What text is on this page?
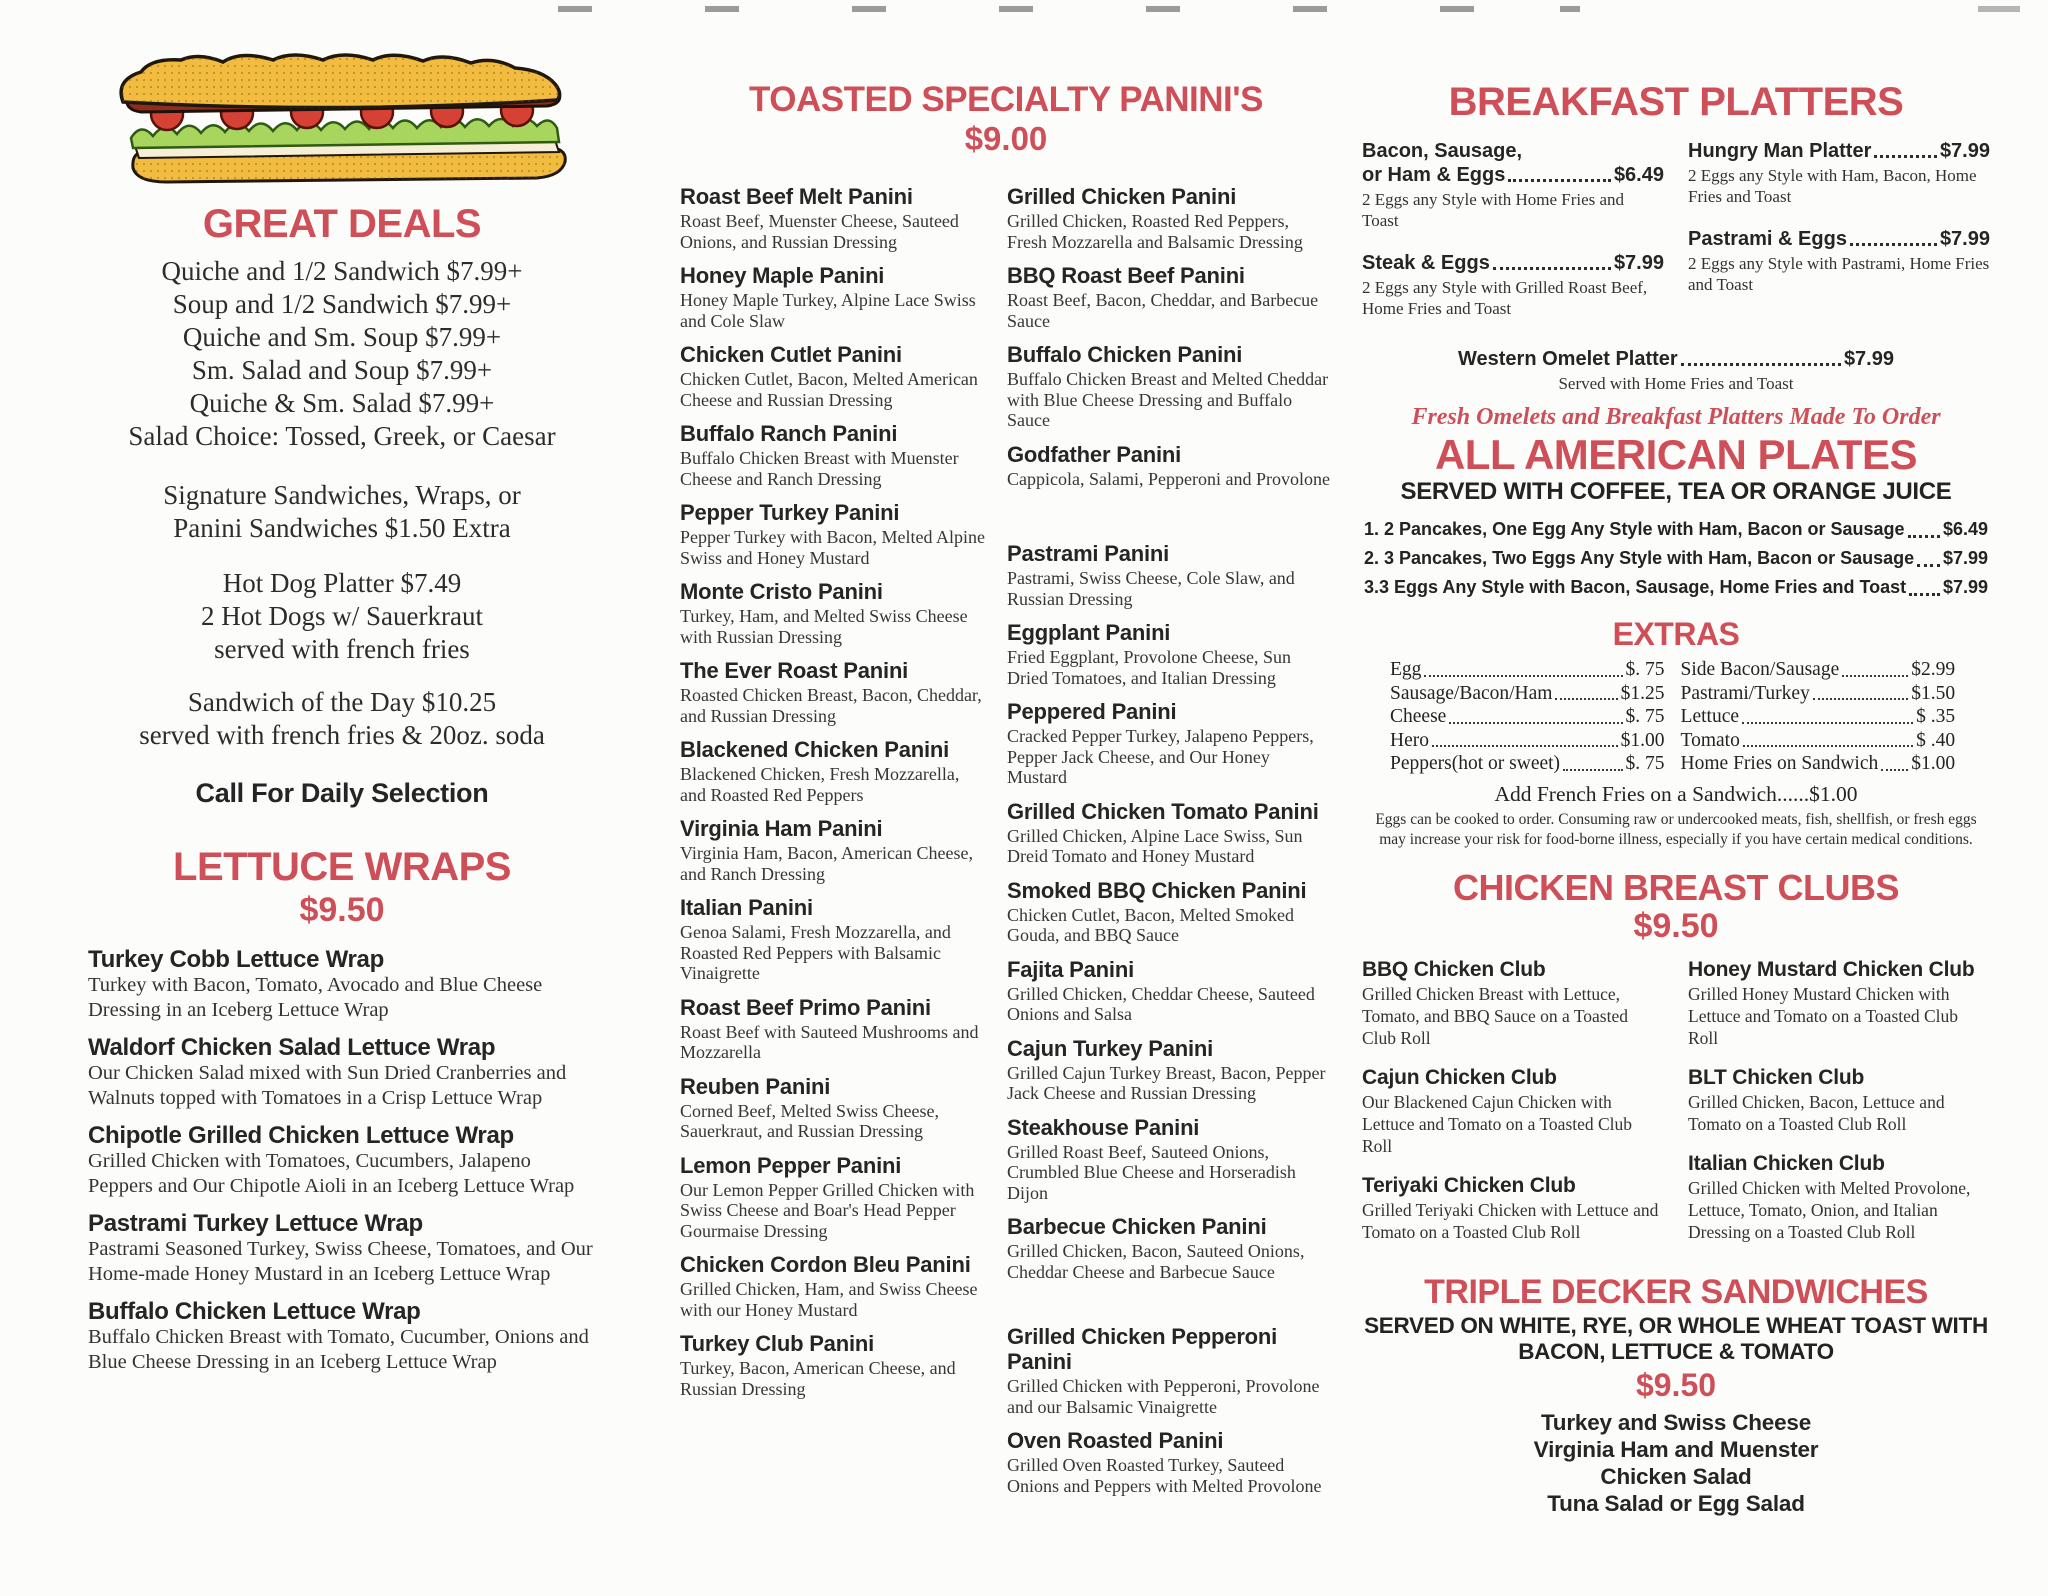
GREAT DEALS
Quiche and 1/2 Sandwich $7.99+
Soup and 1/2 Sandwich $7.99+
Quiche and Sm. Soup $7.99+
Sm. Salad and Soup $7.99+
Quiche & Sm. Salad $7.99+
Salad Choice: Tossed, Greek, or Caesar
Signature Sandwiches, Wraps, or
Panini Sandwiches $1.50 Extra
Hot Dog Platter $7.49
2 Hot Dogs w/ Sauerkraut
served with french fries
Sandwich of the Day $10.25
served with french fries & 20oz. soda
Call For Daily Selection
LETTUCE WRAPS
$9.50
Turkey Cobb Lettuce Wrap
Turkey with Bacon, Tomato, Avocado and Blue Cheese Dressing in an Iceberg Lettuce Wrap
Waldorf Chicken Salad Lettuce Wrap
Our Chicken Salad mixed with Sun Dried Cranberries and Walnuts topped with Tomatoes in a Crisp Lettuce Wrap
Chipotle Grilled Chicken Lettuce Wrap
Grilled Chicken with Tomatoes, Cucumbers, Jalapeno Peppers and Our Chipotle Aioli in an Iceberg Lettuce Wrap
Pastrami Turkey Lettuce Wrap
Pastrami Seasoned Turkey, Swiss Cheese, Tomatoes, and Our Home-made Honey Mustard in an Iceberg Lettuce Wrap
Buffalo Chicken Lettuce Wrap
Buffalo Chicken Breast with Tomato, Cucumber, Onions and Blue Cheese Dressing in an Iceberg Lettuce Wrap
TOASTED SPECIALTY PANINI'S
$9.00
Roast Beef Melt Panini
Roast Beef, Muenster Cheese, Sauteed Onions, and Russian Dressing
Honey Maple Panini
Honey Maple Turkey, Alpine Lace Swiss and Cole Slaw
Chicken Cutlet Panini
Chicken Cutlet, Bacon, Melted American Cheese and Russian Dressing
Buffalo Ranch Panini
Buffalo Chicken Breast with Muenster Cheese and Ranch Dressing
Pepper Turkey Panini
Pepper Turkey with Bacon, Melted Alpine Swiss and Honey Mustard
Monte Cristo Panini
Turkey, Ham, and Melted Swiss Cheese with Russian Dressing
The Ever Roast Panini
Roasted Chicken Breast, Bacon, Cheddar, and Russian Dressing
Blackened Chicken Panini
Blackened Chicken, Fresh Mozzarella, and Roasted Red Peppers
Virginia Ham Panini
Virginia Ham, Bacon, American Cheese, and Ranch Dressing
Italian Panini
Genoa Salami, Fresh Mozzarella, and Roasted Red Peppers with Balsamic Vinaigrette
Roast Beef Primo Panini
Roast Beef with Sauteed Mushrooms and Mozzarella
Reuben Panini
Corned Beef, Melted Swiss Cheese, Sauerkraut, and Russian Dressing
Lemon Pepper Panini
Our Lemon Pepper Grilled Chicken with Swiss Cheese and Boar's Head Pepper Gourmaise Dressing
Chicken Cordon Bleu Panini
Grilled Chicken, Ham, and Swiss Cheese with our Honey Mustard
Turkey Club Panini
Turkey, Bacon, American Cheese, and Russian Dressing
Grilled Chicken Panini
Grilled Chicken, Roasted Red Peppers, Fresh Mozzarella and Balsamic Dressing
BBQ Roast Beef Panini
Roast Beef, Bacon, Cheddar, and Barbecue Sauce
Buffalo Chicken Panini
Buffalo Chicken Breast and Melted Cheddar with Blue Cheese Dressing and Buffalo Sauce
Godfather Panini
Cappicola, Salami, Pepperoni and Provolone
Pastrami Panini
Pastrami, Swiss Cheese, Cole Slaw, and Russian Dressing
Eggplant Panini
Fried Eggplant, Provolone Cheese, Sun Dried Tomatoes, and Italian Dressing
Peppered Panini
Cracked Pepper Turkey, Jalapeno Peppers, Pepper Jack Cheese, and Our Honey Mustard
Grilled Chicken Tomato Panini
Grilled Chicken, Alpine Lace Swiss, Sun Dreid Tomato and Honey Mustard
Smoked BBQ Chicken Panini
Chicken Cutlet, Bacon, Melted Smoked Gouda, and BBQ Sauce
Fajita Panini
Grilled Chicken, Cheddar Cheese, Sauteed Onions and Salsa
Cajun Turkey Panini
Grilled Cajun Turkey Breast, Bacon, Pepper Jack Cheese and Russian Dressing
Steakhouse Panini
Grilled Roast Beef, Sauteed Onions, Crumbled Blue Cheese and Horseradish Dijon
Barbecue Chicken Panini
Grilled Chicken, Bacon, Sauteed Onions, Cheddar Cheese and Barbecue Sauce
Grilled Chicken Pepperoni Panini
Grilled Chicken with Pepperoni, Provolone and our Balsamic Vinaigrette
Oven Roasted Panini
Grilled Oven Roasted Turkey, Sauteed Onions and Peppers with Melted Provolone
BREAKFAST PLATTERS
Bacon, Sausage,
or Ham & Eggs	$6.49
2 Eggs any Style with Home Fries and Toast
Steak & Eggs	$7.99
2 Eggs any Style with Grilled Roast Beef, Home Fries and Toast
Hungry Man Platter	$7.99
2 Eggs any Style with Ham, Bacon, Home Fries and Toast
Pastrami & Eggs	$7.99
2 Eggs any Style with Pastrami, Home Fries and Toast
Western Omelet Platter	$7.99
Served with Home Fries and Toast
Fresh Omelets and Breakfast Platters Made To Order
ALL AMERICAN PLATES
SERVED WITH COFFEE, TEA OR ORANGE JUICE
1. 2 Pancakes, One Egg Any Style with Ham, Bacon or Sausage $6.49
2. 3 Pancakes, Two Eggs Any Style with Ham, Bacon or Sausage $7.99
3.3 Eggs Any Style with Bacon, Sausage, Home Fries and Toast $7.99
EXTRAS
Egg	$. 75
Sausage/Bacon/Ham	$1.25
Cheese	$. 75
Hero	$1.00
Peppers(hot or sweet)	$. 75
Side Bacon/Sausage	$2.99
Pastrami/Turkey	$1.50
Lettuce	$ .35
Tomato	$ .40
Home Fries on Sandwich $1.00
Add French Fries on a Sandwich......$1.00
Eggs can be cooked to order. Consuming raw or undercooked meats, fish, shellfish, or fresh eggs may increase your risk for food-borne illness, especially if you have certain medical conditions.
CHICKEN BREAST CLUBS
$9.50
BBQ Chicken Club
Grilled Chicken Breast with Lettuce, Tomato, and BBQ Sauce on a Toasted Club Roll
Cajun Chicken Club
Our Blackened Cajun Chicken with Lettuce and Tomato on a Toasted Club Roll
Teriyaki Chicken Club
Grilled Teriyaki Chicken with Lettuce and Tomato on a Toasted Club Roll
Honey Mustard Chicken Club
Grilled Honey Mustard Chicken with Lettuce and Tomato on a Toasted Club Roll
BLT Chicken Club
Grilled Chicken, Bacon, Lettuce and Tomato on a Toasted Club Roll
Italian Chicken Club
Grilled Chicken with Melted Provolone, Lettuce, Tomato, Onion, and Italian Dressing on a Toasted Club Roll
TRIPLE DECKER SANDWICHES
SERVED ON WHITE, RYE, OR WHOLE WHEAT TOAST WITH
BACON, LETTUCE & TOMATO
$9.50
Turkey and Swiss Cheese
Virginia Ham and Muenster
Chicken Salad
Tuna Salad or Egg Salad
